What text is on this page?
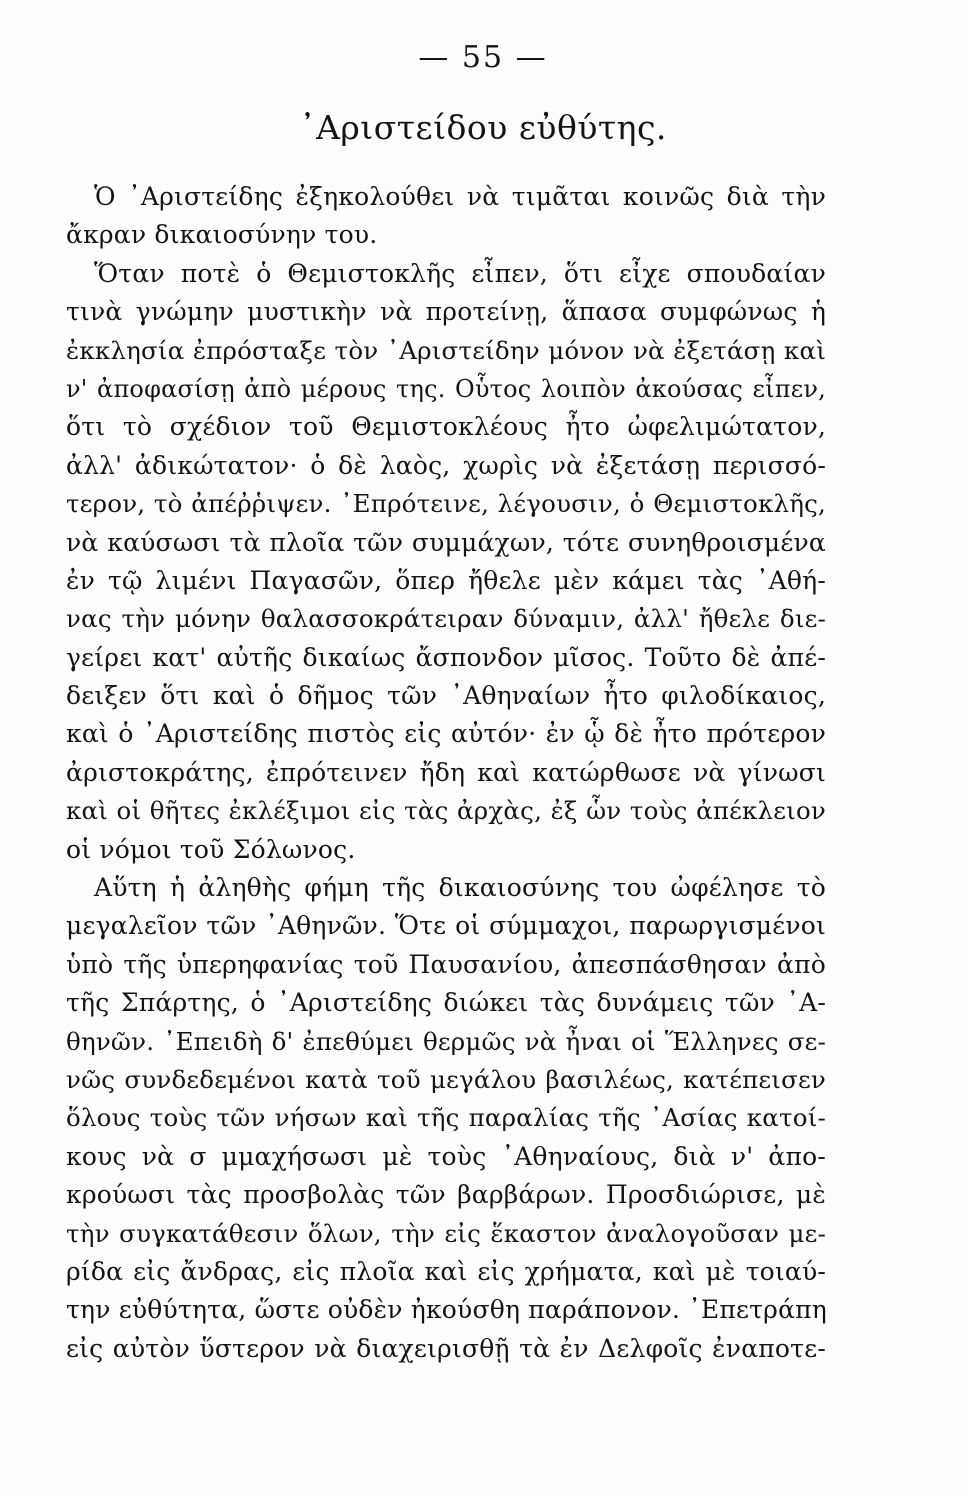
— 55 —
᾿Αριστείδου εὐθύτης.
Ὁ ᾿Αριστείδης ἐξηκολούθει νὰ τιμᾶται κοινῶς διὰ τὴν
ἄκραν δικαιοσύνην του.
Ὅταν ποτὲ ὁ Θεμιστοκλῆς εἶπεν, ὅτι εἶχε σπουδαίαν
τινὰ γνώμην μυστικὴν νὰ προτείνῃ, ἅπασα συμφώνως ἡ
ἐκκλησία ἐπρόσταξε τὸν ᾿Αριστείδην μόνον νὰ ἐξετάσῃ καὶ
ν' ἀποφασίσῃ ἀπὸ μέρους της. Οὗτος λοιπὸν ἀκούσας εἶπεν,
ὅτι τὸ σχέδιον τοῦ Θεμιστοκλέους ἦτο ὠφελιμώτατον,
ἀλλ' ἀδικώτατον· ὁ δὲ λαὸς, χωρὶς νὰ ἐξετάσῃ περισσό-
τερον, τὸ ἀπέῤῥιψεν. ᾿Επρότεινε, λέγουσιν, ὁ Θεμιστοκλῆς,
νὰ καύσωσι τὰ πλοῖα τῶν συμμάχων, τότε συνηθροισμένα
ἐν τῷ λιμένι Παγασῶν, ὅπερ ἤθελε μὲν κάμει τὰς ᾿Αθή-
νας τὴν μόνην θαλασσοκράτειραν δύναμιν, ἀλλ' ἤθελε διε-
γείρει κατ' αὐτῆς δικαίως ἄσπονδον μῖσος. Τοῦτο δὲ ἀπέ-
δειξεν ὅτι καὶ ὁ δῆμος τῶν ᾿Αθηναίων ἦτο φιλοδίκαιος,
καὶ ὁ ᾿Αριστείδης πιστὸς εἰς αὐτόν· ἐν ᾧ δὲ ἦτο πρότερον
ἀριστοκράτης, ἐπρότεινεν ἤδη καὶ κατώρθωσε νὰ γίνωσι
καὶ οἱ θῆτες ἐκλέξιμοι εἰς τὰς ἀρχὰς, ἐξ ὧν τοὺς ἀπέκλειον
οἱ νόμοι τοῦ Σόλωνος.
Αὕτη ἡ ἀληθὴς φήμη τῆς δικαιοσύνης του ὠφέλησε τὸ
μεγαλεῖον τῶν ᾿Αθηνῶν. Ὅτε οἱ σύμμαχοι, παρωργισμένοι
ὑπὸ τῆς ὑπερηφανίας τοῦ Παυσανίου, ἀπεσπάσθησαν ἀπὸ
τῆς Σπάρτης, ὁ ᾿Αριστείδης διώκει τὰς δυνάμεις τῶν ᾿Α-
θηνῶν. ᾿Επειδὴ δ' ἐπεθύμει θερμῶς νὰ ἦναι οἱ Ἕλληνες σε-
νῶς συνδεδεμένοι κατὰ τοῦ μεγάλου βασιλέως, κατέπεισεν
ὅλους τοὺς τῶν νήσων καὶ τῆς παραλίας τῆς ᾿Ασίας κατοί-
κους νὰ σ μμαχήσωσι μὲ τοὺς ᾿Αθηναίους, διὰ ν' ἀπο-
κρούωσι τὰς προσβολὰς τῶν βαρβάρων. Προσδιώρισε, μὲ
τὴν συγκατάθεσιν ὅλων, τὴν εἰς ἕκαστον ἀναλογοῦσαν με-
ρίδα εἰς ἄνδρας, εἰς πλοῖα καὶ εἰς χρήματα, καὶ μὲ τοιαύ-
την εὐθύτητα, ὥστε οὐδὲν ἠκούσθη παράπονον. ᾿Επετράπη
εἰς αὐτὸν ὕστερον νὰ διαχειρισθῇ τὰ ἐν Δελφοῖς ἐναποτε-
